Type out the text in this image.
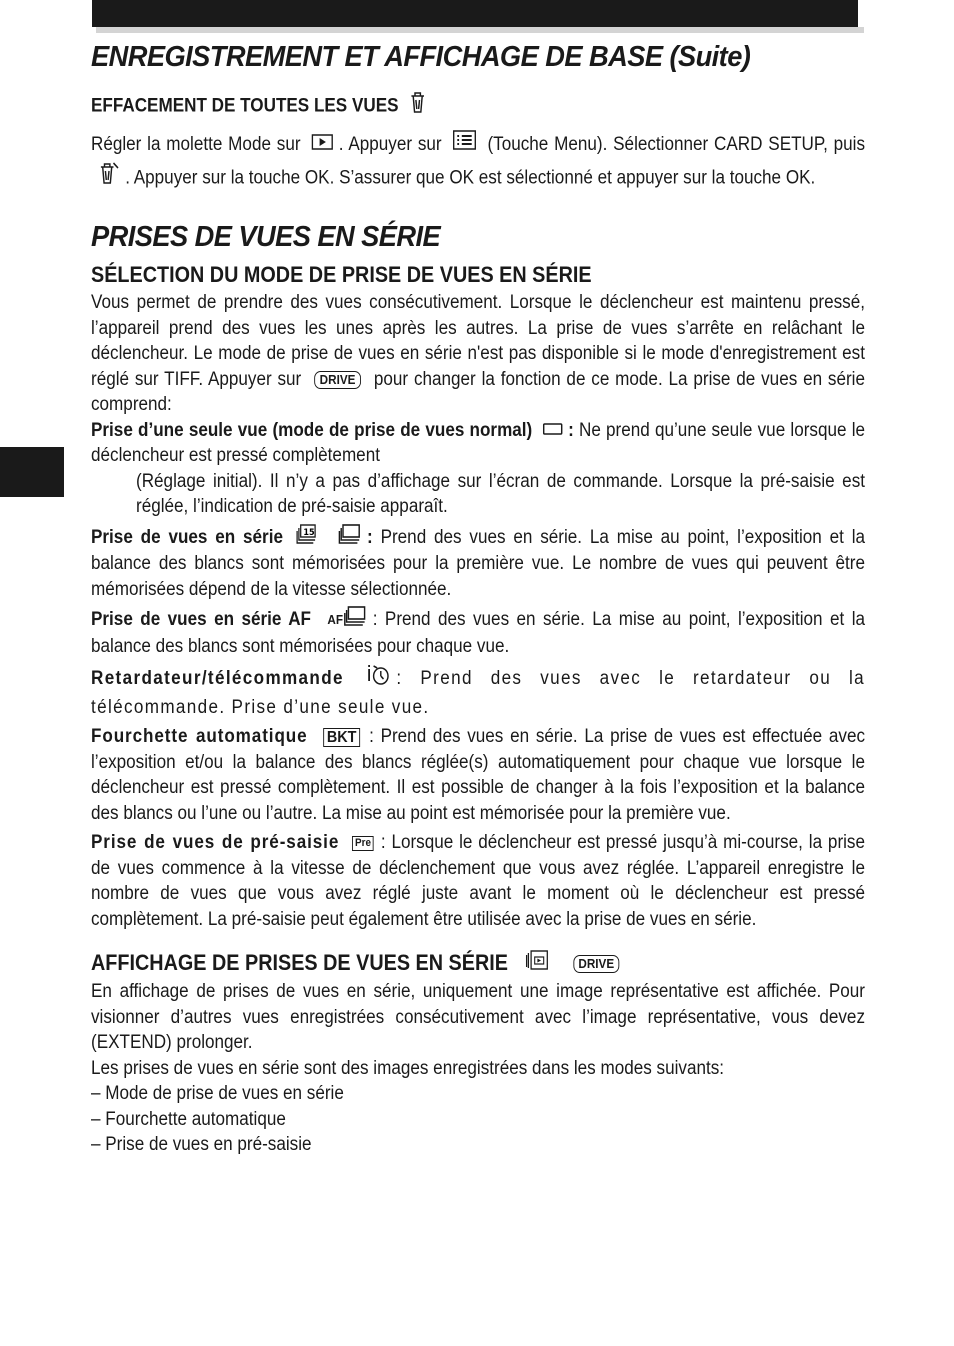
ENREGISTREMENT ET AFFICHAGE DE BASE (Suite)
EFFACEMENT DE TOUTES LES VUES

Régler la molette Mode sur . Appuyer sur (Touche Menu). Sélectionner CARD SETUP, puis . Appuyer sur la touche OK. S’assurer que OK est sélectionné et appuyer sur la touche OK.

PRISES DE VUES EN SÉRIE
SÉLECTION DU MODE DE PRISE DE VUES EN SÉRIE

Vous permet de prendre des vues consécutivement. Lorsque le déclencheur est maintenu pressé, l’appareil prend des vues les unes après les autres. La prise de vues s’arrête en relâchant le déclencheur. Le mode de prise de vues en série n'est pas disponible si le mode d'enregistrement est réglé sur TIFF. Appuyer sur DRIVE pour changer la fonction de ce mode. La prise de vues en série comprend:

Prise d’une seule vue (mode de prise de vues normal) : Ne prend qu’une seule vue lorsque le déclencheur est pressé complètement
(Réglage initial). Il n’y a pas d’affichage sur l’écran de commande. Lorsque la pré-saisie est réglée, l’indication de pré-saisie apparaît.
Prise de vues en série 15	: Prend des vues en série. La mise au point, l’exposition et la balance des blancs sont mémorisées pour la première vue. Le nombre de vues qui peuvent être mémorisées dépend de la vitesse sélectionnée.
Prise de vues en série AF AF : Prend des vues en série. La mise au point, l’exposition et la balance des blancs sont mémorisées pour chaque vue.
Retardateur/télécommande	: Prend des vues avec le retardateur ou la télécommande. Prise d’une seule vue.
Fourchette automatique BKT : Prend des vues en série. La prise de vues est effectuée avec l’exposition et/ou la balance des blancs réglée(s) automatiquement pour chaque vue lorsque le déclencheur est pressé complètement. Il est possible de changer à la fois l’exposition et la balance des blancs ou l’une ou l’autre. La mise au point est mémorisée pour la première vue.
Prise de vues de pré-saisie Pre : Lorsque le déclencheur est pressé jusqu’à mi-course, la prise de vues commence à la vitesse de déclenchement que vous avez réglée. L’appareil enregistre le nombre de vues que vous avez réglé juste avant le moment où le déclencheur est pressé complètement. La pré-saisie peut également être utilisée avec la prise de vues en série.
AFFICHAGE DE PRISES DE VUES EN SÉRIE	DRIVE

En affichage de prises de vues en série, uniquement une image représentative est affichée. Pour visionner d’autres vues enregistrées consécutivement avec l’image représentative, vous devez (EXTEND) prolonger.

Les prises de vues en série sont des images enregistrées dans les modes suivants:

– Mode de prise de vues en série

– Fourchette automatique

– Prise de vues en pré-saisie
